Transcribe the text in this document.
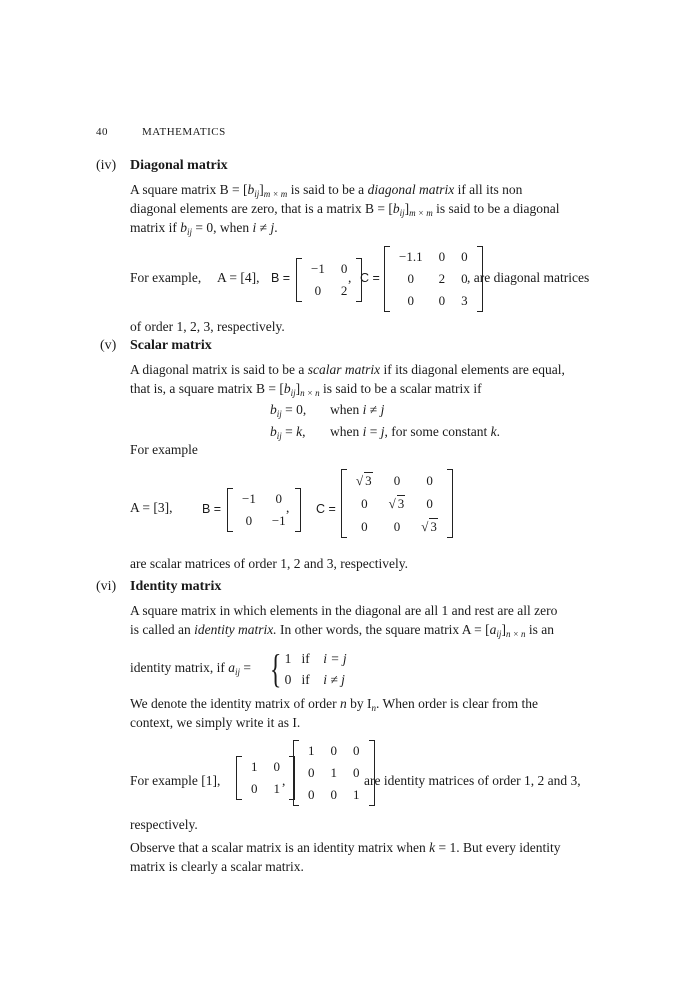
40	MATHEMATICS
(iv) Diagonal matrix
A square matrix $B = [b_{ij}]_{m \times m}$ is said to be a diagonal matrix if all its non
diagonal elements are zero, that is a matrix $B = [b_{ij}]_{m \times m}$ is said to be a diagonal
matrix if $b_{ij} = 0$, when i ≠ j.
For example, A = [4], B =
−1	0
0	2
, C =
−1.1	0	0
0	2	0
0	0	3
, are diagonal matrices
of order 1, 2, 3, respectively.
(v) Scalar matrix
A diagonal matrix is said to be a scalar matrix if its diagonal elements are equal,
that is, a square matrix $B = [b_{ij}]_{n \times n}$ is said to be a scalar matrix if
$b_{ij} = 0$, when i ≠ j
$b_{ij} = k$, when i = j, for some constant k.
For example
A = [3], B =
−1	0
0	−1
, C =
√ 3	0	0
0	√ 3	0
0	0	√ 3
are scalar matrices of order 1, 2 and 3, respectively.
(vi) Identity matrix
A square matrix in which elements in the diagonal are all 1 and rest are all zero
is called an identity matrix. In other words, the square matrix $A = [a_{ij}]_{n \times n}$ is an
identity matrix, if $a_{ij}$ = { 1 if i = j
0 if i ≠ j
We denote the identity matrix of order n by $I_n$. When order is clear from the
context, we simply write it as I.
For example [1],
1	0
0	1
,
1	0	0
0	1	0
0	0	1
are identity matrices of order 1, 2 and 3,
respectively.
Observe that a scalar matrix is an identity matrix when k = 1. But every identity
matrix is clearly a scalar matrix.
